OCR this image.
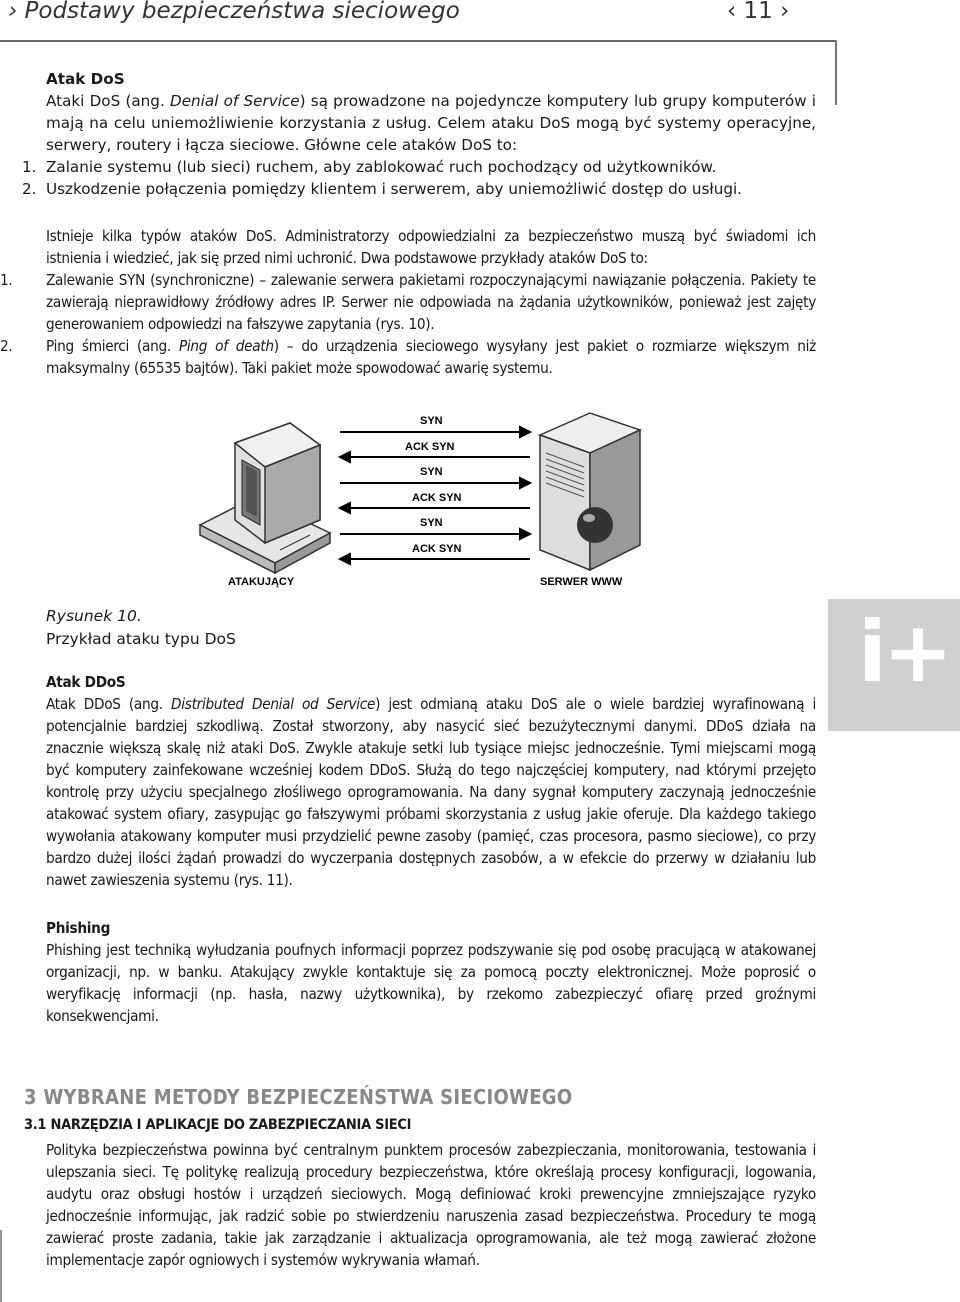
› Podstawy bezpieczeństwa sieciowego	‹ 11 ›

Atak DoS

Ataki DoS (ang. Denial of Service) są prowadzone na pojedyncze komputery lub grupy komputerów i mają na celu uniemożliwienie korzystania z usług. Celem ataku DoS mogą być systemy operacyjne, serwery, routery i łącza sieciowe. Główne cele ataków DoS to:

1. Zalanie systemu (lub sieci) ruchem, aby zablokować ruch pochodzący od użytkowników.

2. Uszkodzenie połączenia pomiędzy klientem i serwerem, aby uniemożliwić dostęp do usługi.

Istnieje kilka typów ataków DoS. Administratorzy odpowiedzialni za bezpieczeństwo muszą być świadomi ich istnienia i wiedzieć, jak się przed nimi uchronić. Dwa podstawowe przykłady ataków DoS to:

1. Zalewanie SYN (synchroniczne) – zalewanie serwera pakietami rozpoczynającymi nawiązanie połączenia. Pakiety te zawierają nieprawidłowy źródłowy adres IP. Serwer nie odpowiada na żądania użytkowników, ponieważ jest zajęty generowaniem odpowiedzi na fałszywe zapytania (rys. 10).

2. Ping śmierci (ang. Ping of death) – do urządzenia sieciowego wysyłany jest pakiet o rozmiarze większym niż maksymalny (65535 bajtów). Taki pakiet może spowodować awarię systemu.

SYN
ACK SYN
SYN
ACK SYN
SYN
ACK SYN
ATAKUJĄCY	SERWER WWW
Rysunek 10.
Przykład ataku typu DoS	i+

Atak DDoS

Atak DDoS (ang. Distributed Denial od Service) jest odmianą ataku DoS ale o wiele bardziej wyrafinowaną i potencjalnie bardziej szkodliwą. Został stworzony, aby nasycić sieć bezużytecznymi danymi. DDoS działa na znacznie większą skalę niż ataki DoS. Zwykle atakuje setki lub tysiące miejsc jednocześnie. Tymi miejscami mogą być komputery zainfekowane wcześniej kodem DDoS. Służą do tego najczęściej komputery, nad którymi przejęto kontrolę przy użyciu specjalnego złośliwego oprogramowania. Na dany sygnał komputery zaczynają jednocześnie atakować system ofiary, zasypując go fałszywymi próbami skorzystania z usług jakie oferuje. Dla każdego takiego wywołania atakowany komputer musi przydzielić pewne zasoby (pamięć, czas procesora, pasmo sieciowe), co przy bardzo dużej ilości żądań prowadzi do wyczerpania dostępnych zasobów, a w efekcie do przerwy w działaniu lub nawet zawieszenia systemu (rys. 11).

Phishing

Phishing jest techniką wyłudzania poufnych informacji poprzez podszywanie się pod osobę pracującą w atakowanej organizacji, np. w banku. Atakujący zwykle kontaktuje się za pomocą poczty elektronicznej. Może poprosić o weryfikację informacji (np. hasła, nazwy użytkownika), by rzekomo zabezpieczyć ofiarę przed groźnymi konsekwencjami.

3 WYBRANE METODY BEZPIECZEŃSTWA SIECIOWEGO
3.1 NARZĘDZIA I APLIKACJE DO ZABEZPIECZANIA SIECI

Polityka bezpieczeństwa powinna być centralnym punktem procesów zabezpieczania, monitorowania, testowania i ulepszania sieci. Tę politykę realizują procedury bezpieczeństwa, które określają procesy konfiguracji, logowania, audytu oraz obsługi hostów i urządzeń sieciowych. Mogą definiować kroki prewencyjne zmniejszające ryzyko jednocześnie informując, jak radzić sobie po stwierdzeniu naruszenia zasad bezpieczeństwa. Procedury te mogą zawierać proste zadania, takie jak zarządzanie i aktualizacja oprogramowania, ale też mogą zawierać złożone implementacje zapór ogniowych i systemów wykrywania włamań.
